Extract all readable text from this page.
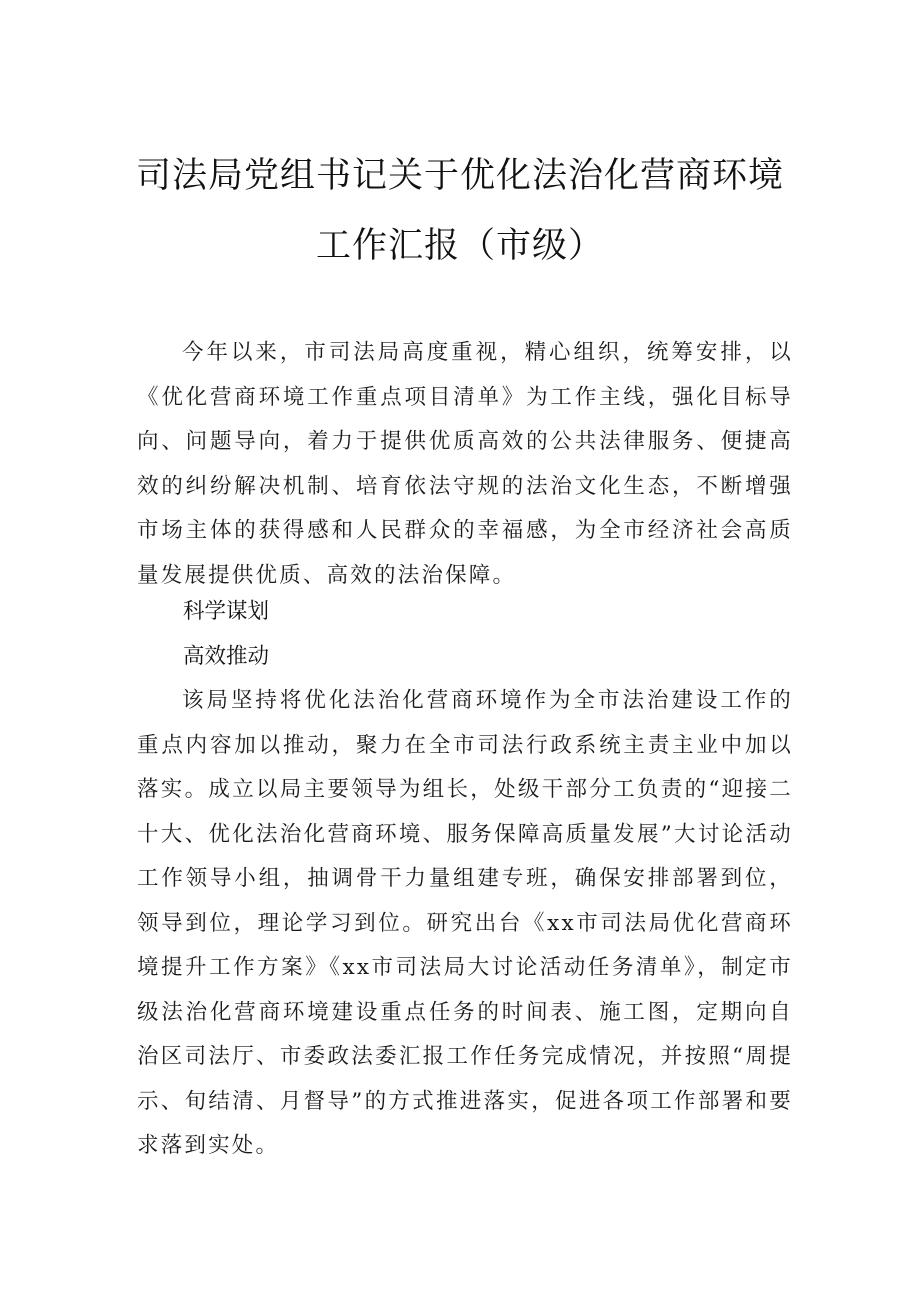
司法局党组书记关于优化法治化营商环境
工作汇报（市级）

今年以来，市司法局高度重视，精心组织，统筹安排，以《优化营商环境工作重点项目清单》为工作主线，强化目标导向、问题导向，着力于提供优质高效的公共法律服务、便捷高效的纠纷解决机制、培育依法守规的法治文化生态，不断增强市场主体的获得感和人民群众的幸福感，为全市经济社会高质量发展提供优质、高效的法治保障。

科学谋划

高效推动

该局坚持将优化法治化营商环境作为全市法治建设工作的重点内容加以推动，聚力在全市司法行政系统主责主业中加以落实。成立以局主要领导为组长，处级干部分工负责的“迎接二十大、优化法治化营商环境、服务保障高质量发展”大讨论活动工作领导小组，抽调骨干力量组建专班，确保安排部署到位，领导到位，理论学习到位。研究出台《xx市司法局优化营商环境提升工作方案》《xx市司法局大讨论活动任务清单》，制定市级法治化营商环境建设重点任务的时间表、施工图，定期向自治区司法厅、市委政法委汇报工作任务完成情况，并按照“周提示、旬结清、月督导”的方式推进落实，促进各项工作部署和要求落到实处。
